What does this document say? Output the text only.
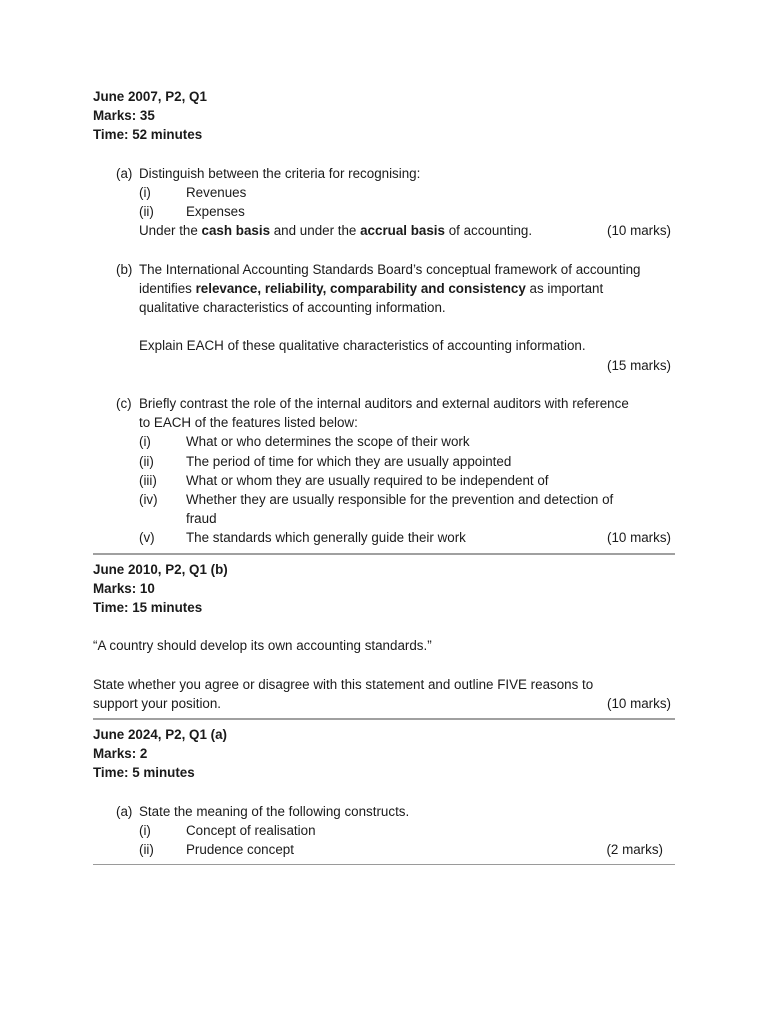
June 2007, P2, Q1
Marks: 35
Time: 52 minutes
(a) Distinguish between the criteria for recognising:
(i)	Revenues
(ii) Expenses
Under the cash basis and under the accrual basis of accounting.	(10 marks)
(b) The International Accounting Standards Board’s conceptual framework of accounting
identifies relevance, reliability, comparability and consistency as important
qualitative characteristics of accounting information.
Explain EACH of these qualitative characteristics of accounting information.
(15 marks)
(c) Briefly contrast the role of the internal auditors and external auditors with reference
to EACH of the features listed below:
(i)	What or who determines the scope of their work
(ii) The period of time for which they are usually appointed
(iii) What or whom they are usually required to be independent of
(iv) Whether they are usually responsible for the prevention and detection of
fraud
(v) The standards which generally guide their work	(10 marks)
June 2010, P2, Q1 (b)
Marks: 10
Time: 15 minutes
“A country should develop its own accounting standards.”
State whether you agree or disagree with this statement and outline FIVE reasons to
support your position.	(10 marks)
June 2024, P2, Q1 (a)
Marks: 2
Time: 5 minutes
(a) State the meaning of the following constructs.
(i)	Concept of realisation
(ii) Prudence concept	(2 marks)
